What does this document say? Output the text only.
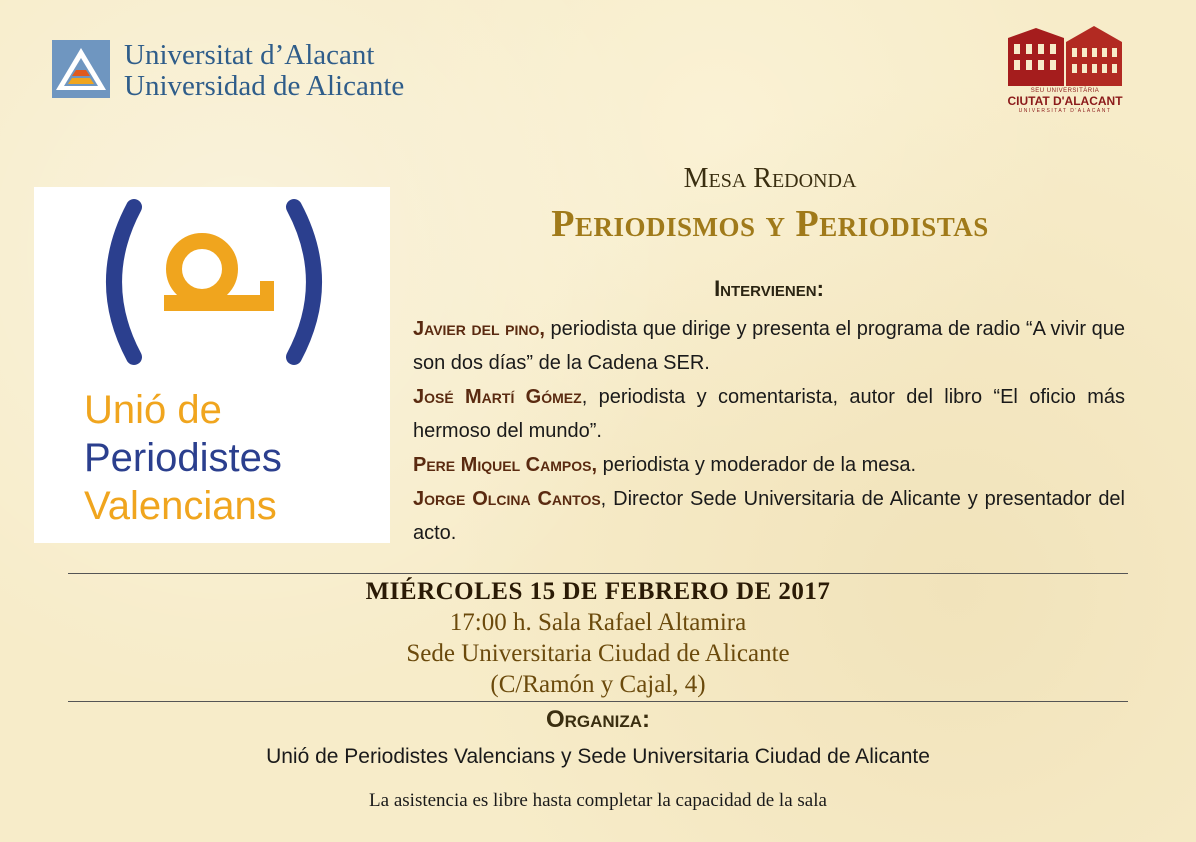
Universitat d’Alacant
Universidad de Alicante	SEU UNIVERSITÀRIA
CIUTAT D'ALACANT
UNIVERSITAT D'ALACANT
Unió de
Periodistes
Valencians
Mesa Redonda
Periodismos y Periodistas
Intervienen:
Javier del pino, periodista que dirige y presenta el programa de radio “A vivir que son dos días” de la Cadena SER.
José Martí Gómez, periodista y comentarista, autor del libro “El oficio más hermoso del mundo”.
Pere Miquel Campos, periodista y moderador de la mesa.
Jorge Olcina Cantos, Director Sede Universitaria de Alicante y presentador del acto.
MIÉRCOLES 15 DE FEBRERO DE 2017
17:00 h. Sala Rafael Altamira
Sede Universitaria Ciudad de Alicante
(C/Ramón y Cajal, 4)
Organiza:
Unió de Periodistes Valencians y Sede Universitaria Ciudad de Alicante
La asistencia es libre hasta completar la capacidad de la sala
